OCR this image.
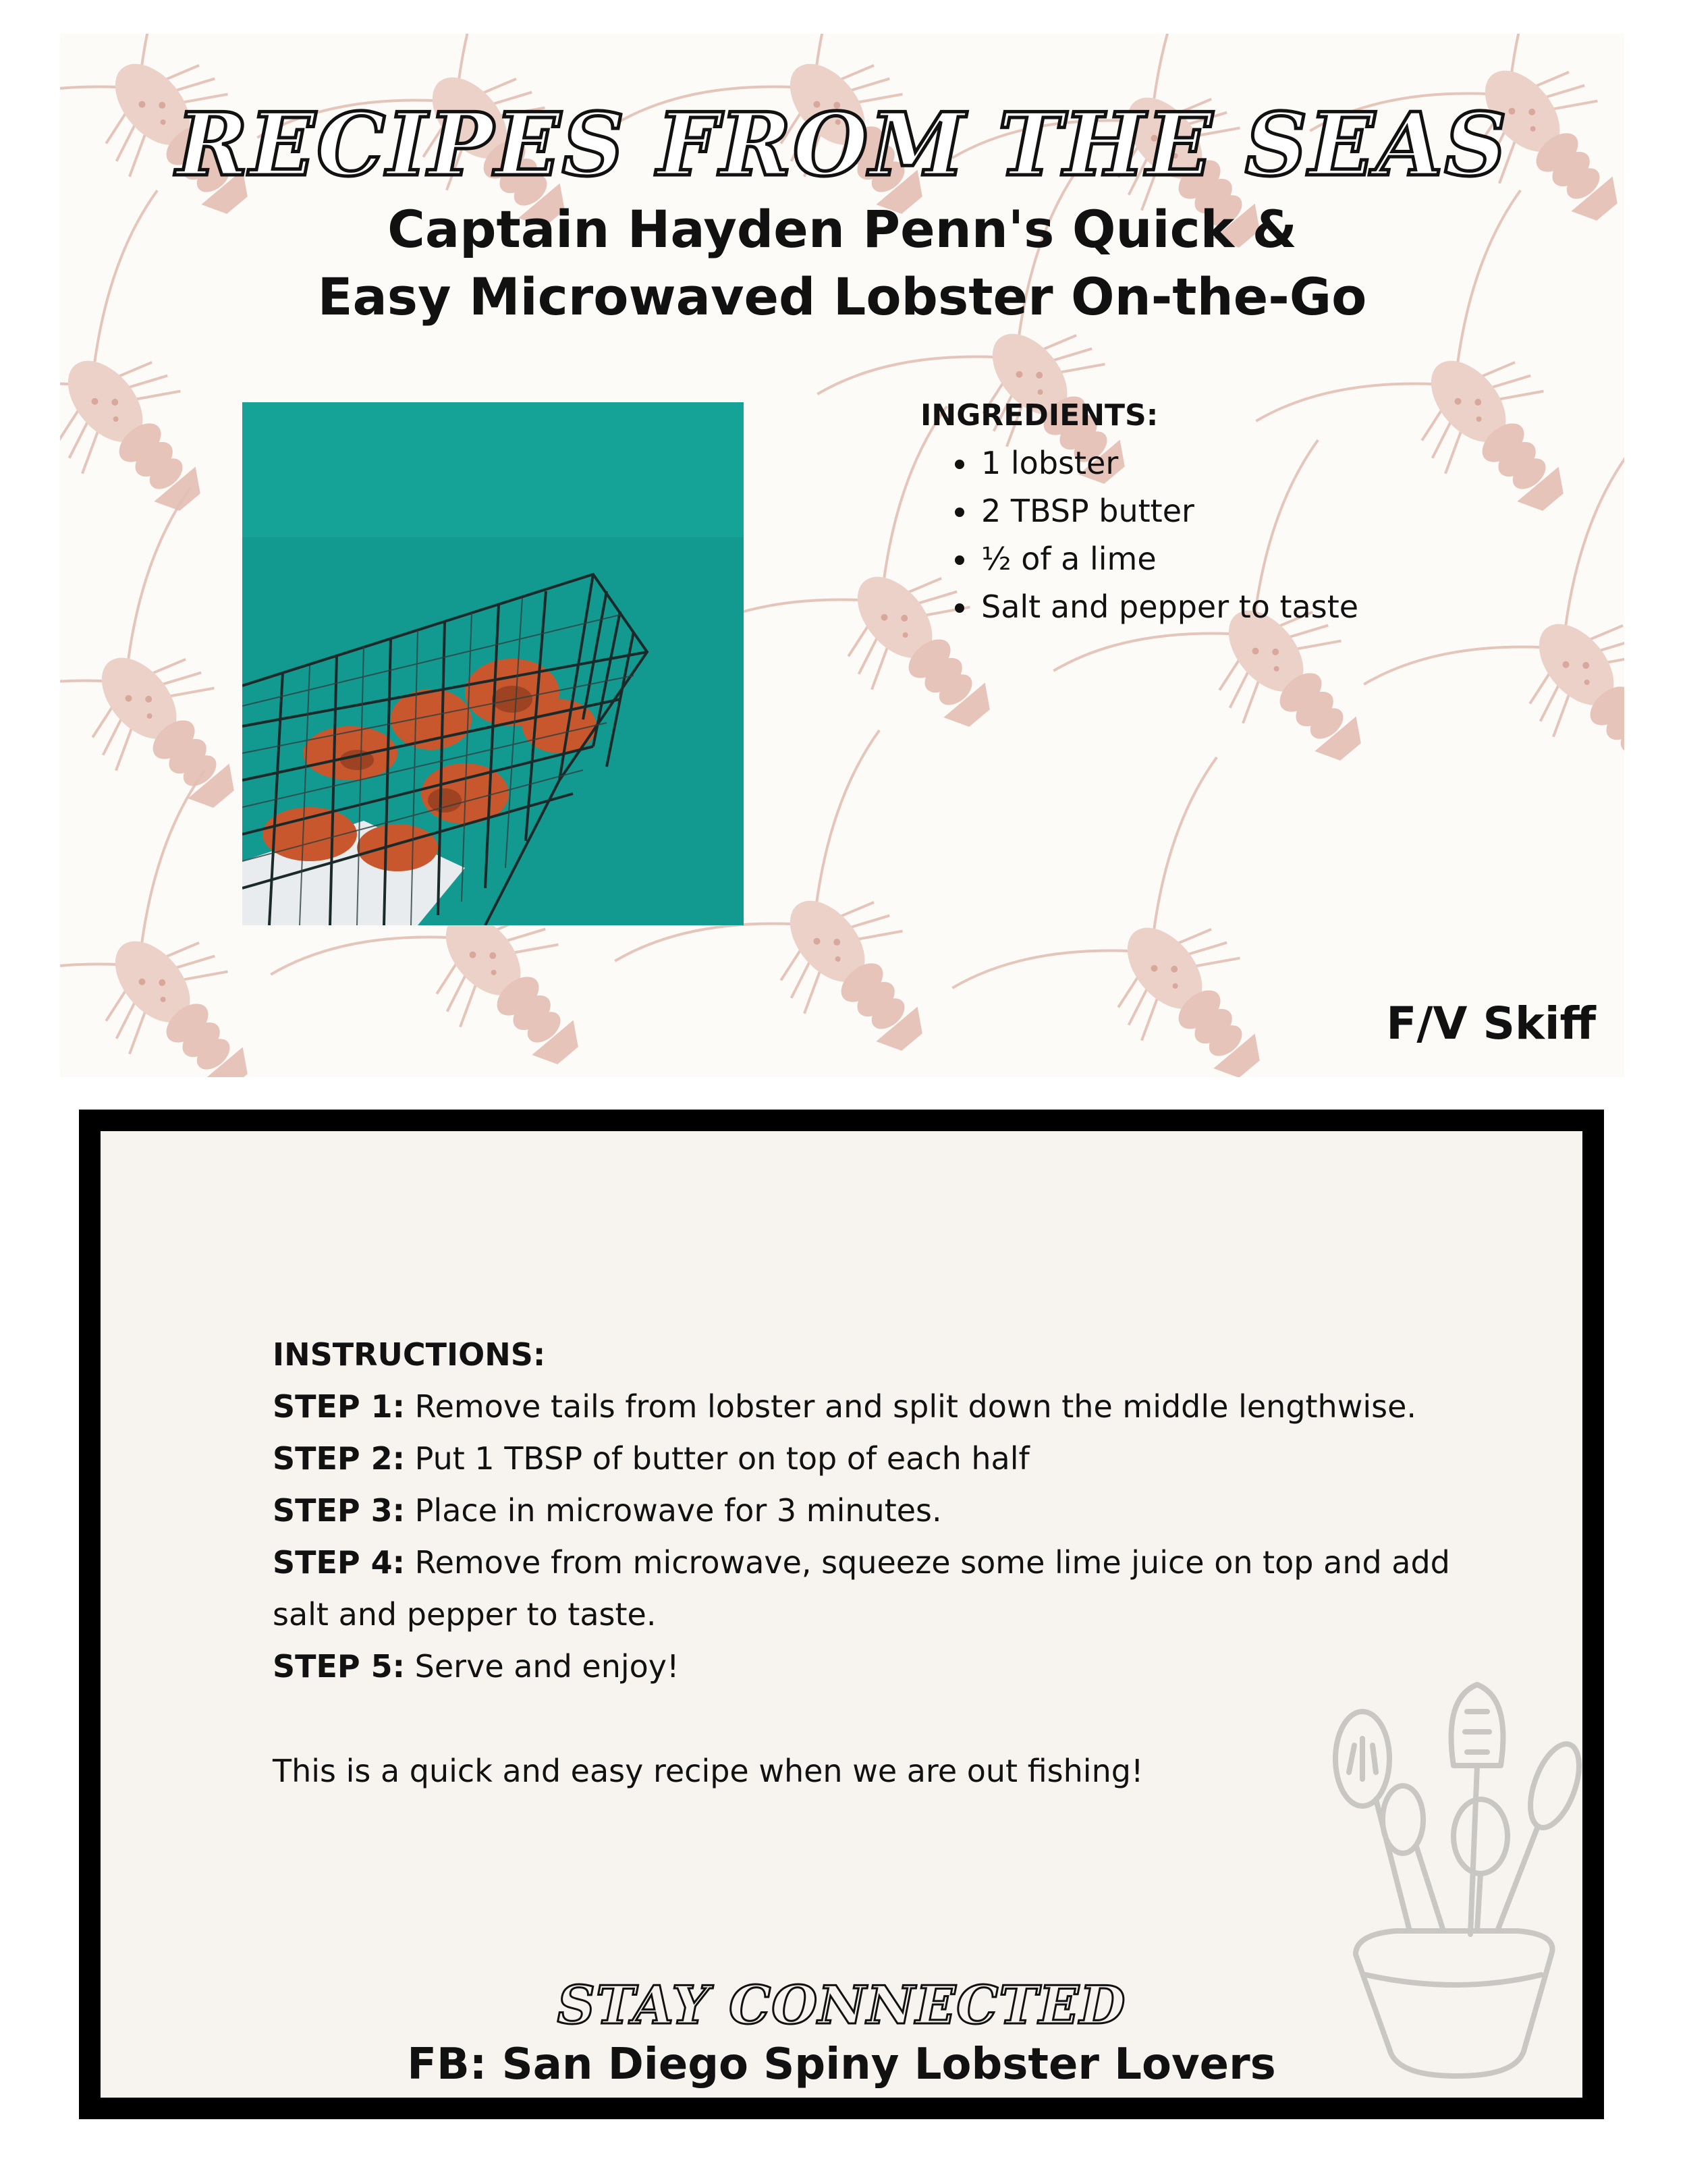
RECIPES FROM THE SEAS
Captain Hayden Penn's Quick &
Easy Microwaved Lobster On-the-Go

INGREDIENTS:

• 1 lobster
• 2 TBSP butter
• ½ of a lime
• Salt and pepper to taste
F/V Skiff

INSTRUCTIONS:

STEP 1: Remove tails from lobster and split down the middle lengthwise.

STEP 2: Put 1 TBSP of butter on top of each half

STEP 3: Place in microwave for 3 minutes.

STEP 4: Remove from microwave, squeeze some lime juice on top and add salt and pepper to taste.

STEP 5: Serve and enjoy!

This is a quick and easy recipe when we are out fishing!

STAY CONNECTED

FB: San Diego Spiny Lobster Lovers
